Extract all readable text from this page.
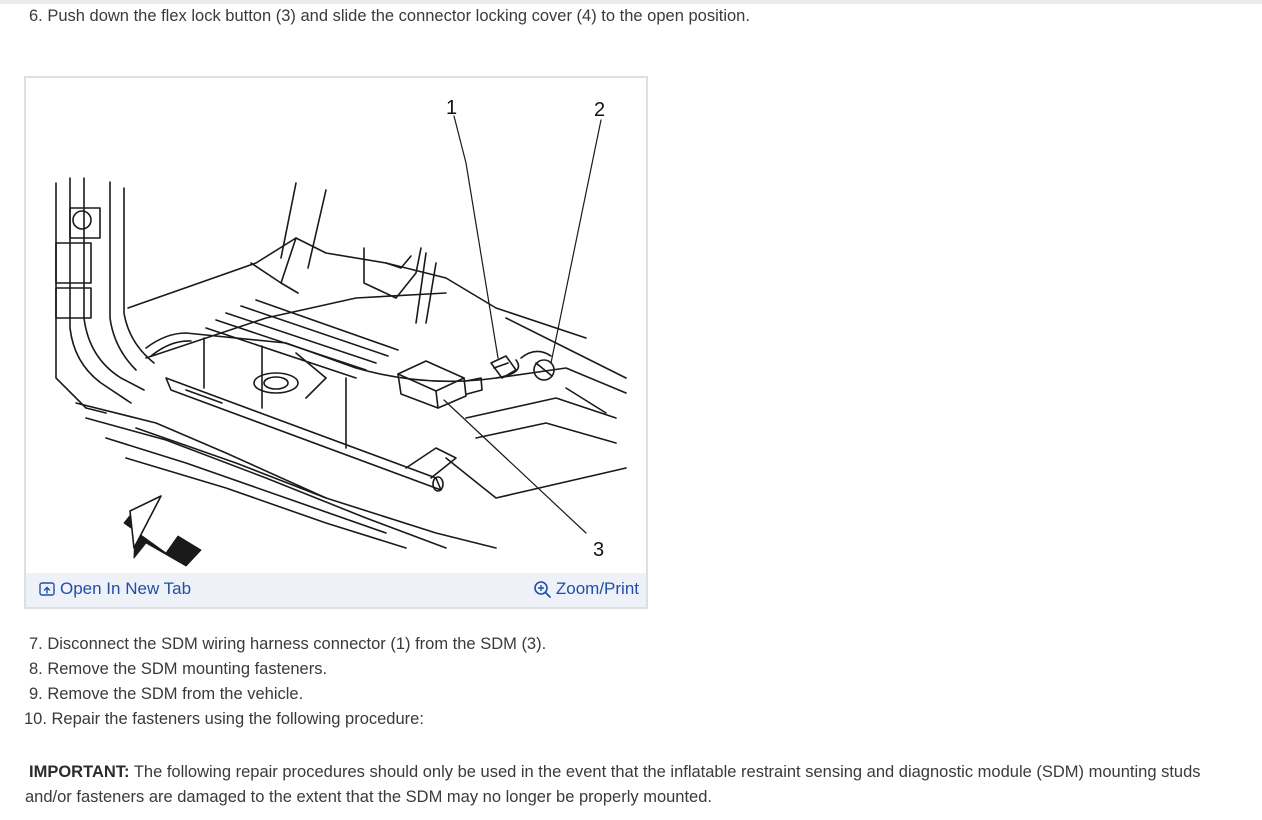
6. Push down the flex lock button (3) and slide the connector locking cover (4) to the open position.
1	2
3
Open In New Tab	Zoom/Print
7. Disconnect the SDM wiring harness connector (1) from the SDM (3).
8. Remove the SDM mounting fasteners.
9. Remove the SDM from the vehicle.
10. Repair the fasteners using the following procedure:
IMPORTANT: The following repair procedures should only be used in the event that the inflatable restraint sensing and diagnostic module (SDM) mounting studs and/or fasteners are damaged to the extent that the SDM may no longer be properly mounted.
